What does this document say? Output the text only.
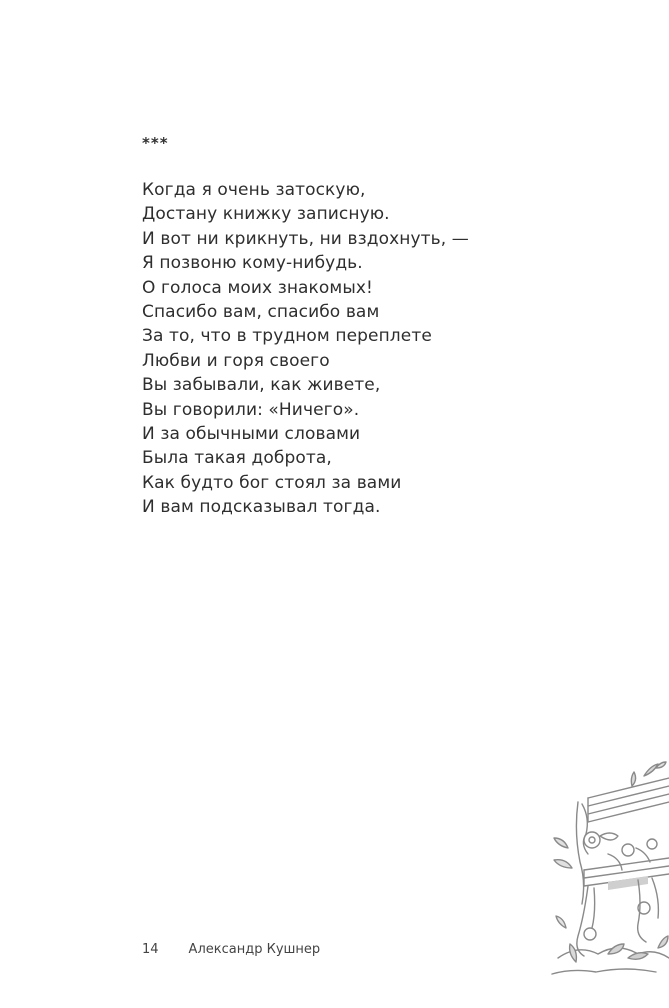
***
Когда я очень затоскую,
Достану книжку записную.
И вот ни крикнуть, ни вздохнуть, —
Я позвоню кому-нибудь.
О голоса моих знакомых!
Спасибо вам, спасибо вам
За то, что в трудном переплете
Любви и горя своего
Вы забывали, как живете,
Вы говорили: «Ничего».
И за обычными словами
Была такая доброта,
Как будто бог стоял за вами
И вам подсказывал тогда.
14 Александр Кушнер
